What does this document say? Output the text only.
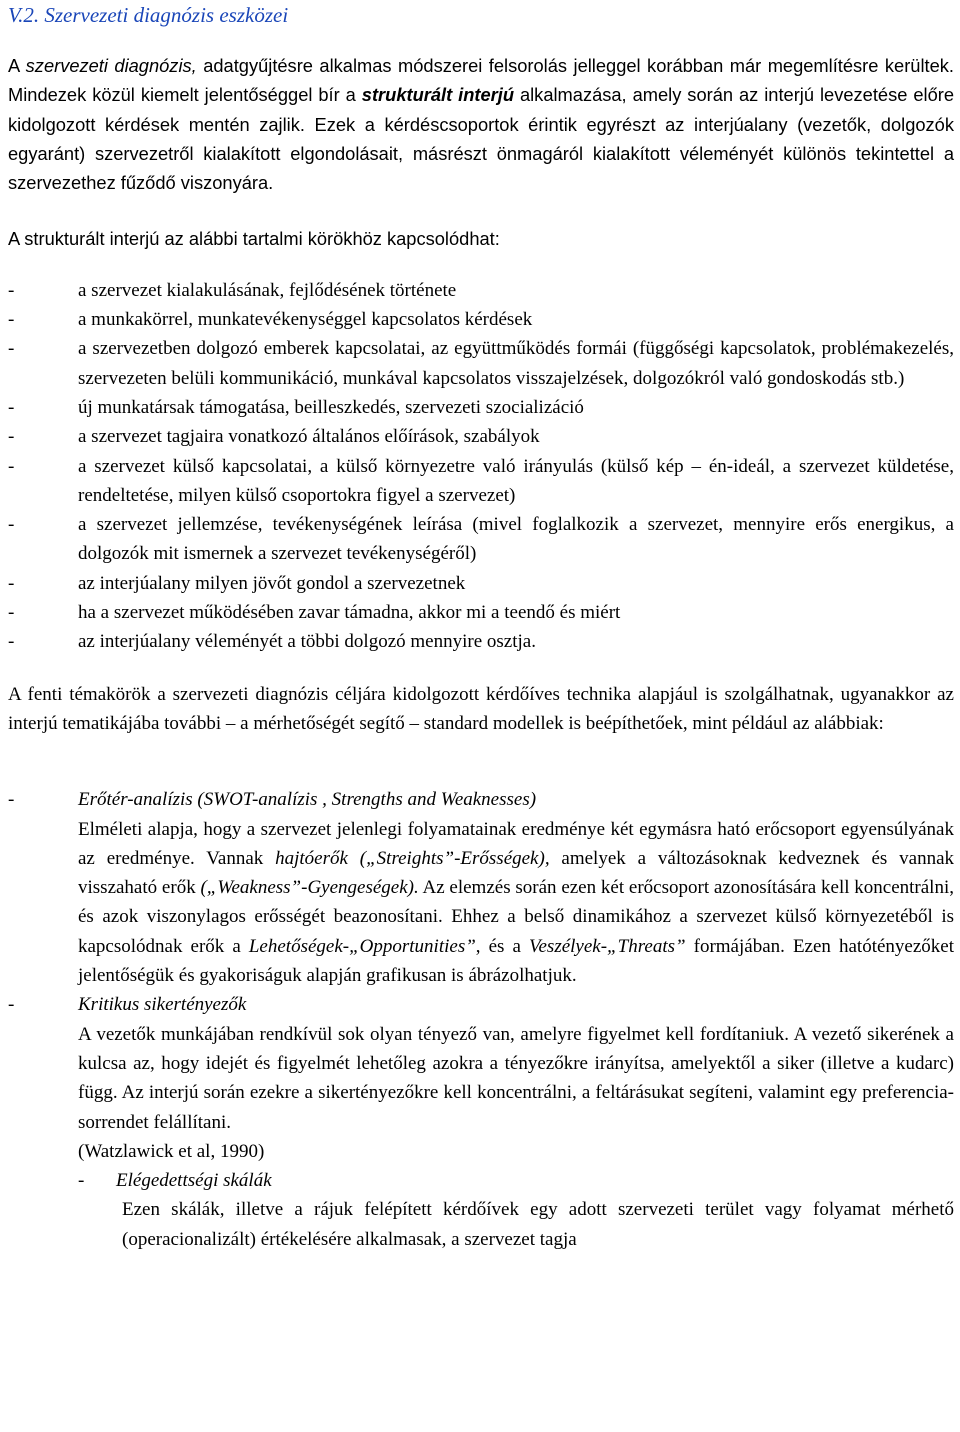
V.2. Szervezeti diagnózis eszközei

A szervezeti diagnózis, adatgyűjtésre alkalmas módszerei felsorolás jelleggel korábban már megemlítésre kerültek. Mindezek közül kiemelt jelentőséggel bír a strukturált interjú alkalmazása, amely során az interjú levezetése előre kidolgozott kérdések mentén zajlik. Ezek a kérdéscsoportok érintik egyrészt az interjúalany (vezetők, dolgozók egyaránt) szervezetről kialakított elgondolásait, másrészt önmagáról kialakított véleményét különös tekintettel a szervezethez fűződő viszonyára.

A strukturált interjú az alábbi tartalmi körökhöz kapcsolódhat:

-	a szervezet kialakulásának, fejlődésének története
-	a munkakörrel, munkatevékenységgel kapcsolatos kérdések
-	a szervezetben dolgozó emberek kapcsolatai, az együttműködés formái (függőségi kapcsolatok, problémakezelés, szervezeten belüli kommunikáció, munkával kapcsolatos visszajelzések, dolgozókról való gondoskodás stb.)
-	új munkatársak támogatása, beilleszkedés, szervezeti szocializáció
-	a szervezet tagjaira vonatkozó általános előírások, szabályok
-	a szervezet külső kapcsolatai, a külső környezetre való irányulás (külső kép – én-ideál, a szervezet küldetése, rendeltetése, milyen külső csoportokra figyel a szervezet)
-	a szervezet jellemzése, tevékenységének leírása (mivel foglalkozik a szervezet, mennyire erős energikus, a dolgozók mit ismernek a szervezet tevékenységéről)
-	az interjúalany milyen jövőt gondol a szervezetnek
-	ha a szervezet működésében zavar támadna, akkor mi a teendő és miért
-	az interjúalany véleményét a többi dolgozó mennyire osztja.

A fenti témakörök a szervezeti diagnózis céljára kidolgozott kérdőíves technika alapjául is szolgálhatnak, ugyanakkor az interjú tematikájába további – a mérhetőségét segítő – standard modellek is beépíthetőek, mint például az alábbiak:

-	Erőtér-analízis (SWOT-analízis , Strengths and Weaknesses)
Elméleti alapja, hogy a szervezet jelenlegi folyamatainak eredménye két egymásra ható erőcsoport egyensúlyának az eredménye. Vannak hajtóerők („Streights”-Erősségek), amelyek a változásoknak kedveznek és vannak visszaható erők („Weakness”-Gyengeségek). Az elemzés során ezen két erőcsoport azonosítására kell koncentrálni, és azok viszonylagos erősségét beazonosítani. Ehhez a belső dinamikához a szervezet külső környezetéből is kapcsolódnak erők a Lehetőségek-„Opportunities”, és a Veszélyek-„Threats” formájában. Ezen hatótényezőket jelentőségük és gyakoriságuk alapján grafikusan is ábrázolhatjuk.
-	Kritikus sikertényezők
A vezetők munkájában rendkívül sok olyan tényező van, amelyre figyelmet kell fordítaniuk. A vezető sikerének a kulcsa az, hogy idejét és figyelmét lehetőleg azokra a tényezőkre irányítsa, amelyektől a siker (illetve a kudarc) függ. Az interjú során ezekre a sikertényezőkre kell koncentrálni, a feltárásukat segíteni, valamint egy preferencia-sorrendet felállítani.
(Watzlawick et al, 1990)
- Elégedettségi skálák
Ezen skálák, illetve a rájuk felépített kérdőívek egy adott szervezeti terület vagy folyamat mérhető (operacionalizált) értékelésére alkalmasak, a szervezet tagja
